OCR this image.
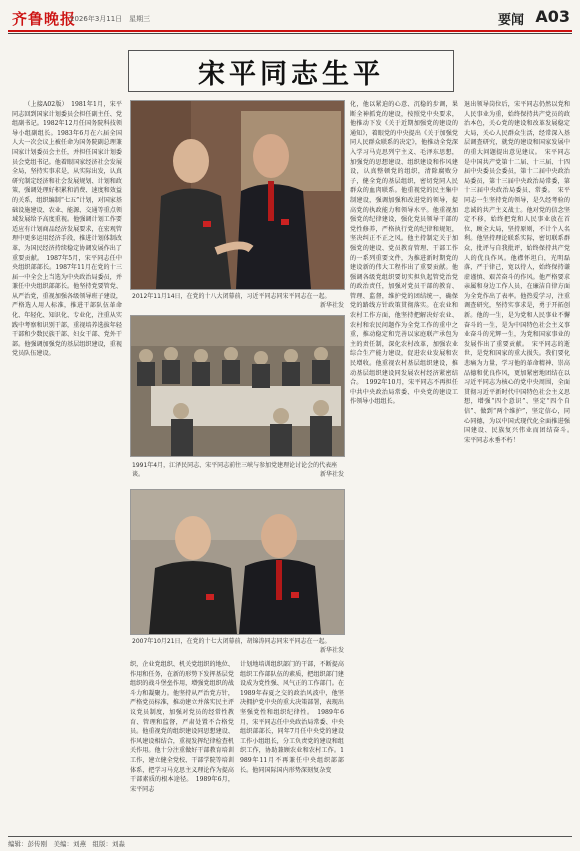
齐鲁晚报
2026年3月11日　星期三	要闻 A03
宋平同志生平

（上接A02版）　1981年1月，宋平同志回到国家计划委员会担任副主任、党组副书记。1982年12月任国务院科技领导小组副组长。1983年6月在六届全国人大一次会议上被任命为国务院副总理兼国家计划委员会主任，并担任国家计划委员会党组书记。他着眼国家经济社会发展全局，坚持实事求是，从实际出发，认真研究制定经济和社会发展规划、计划和政策，强调处理好积累和消费、速度和效益的关系，组织编制“七五”计划，对国家基础设施建设、农业、能源、交通等重点领域发展给予高度重视。他强调计划工作要适应有计划商品经济发展要求，在宏观管理中更多运用经济手段，推进计划体制改革，为国民经济持续稳定协调发展作出了重要贡献。　1987年5月，宋平同志任中央组织部部长。1987年11月在党的十三届一中全会上当选为中央政治局委员，并兼任中央组织部部长。他坚持党要管党、从严治党，重视加强各级领导班子建设，严格选人用人标准，推进干部队伍革命化、年轻化、知识化、专业化，注重从实践中考察和识别干部，重视培养选拔年轻干部和少数民族干部、妇女干部、党外干部。他强调加强党的基层组织建设，重视党员队伍建设。

2012年11月14日，在党的十八大闭幕前，习近平同志同宋平同志在一起。
新华社发
1991年4月，江泽民同志、宋平同志前往三峡与参加党建理论讨论会的代表座谈。	新华社发
2007年10月21日，在党的十七大闭幕前，胡锦涛同志同宋平同志在一起。
新华社发

织，企业党组织、机关党组织的地位、作用和任务，在新的形势下发挥基层党组织的战斗堡垒作用，增强党组织的战斗力和凝聚力。他坚持从严治党方针，严格党员标准，推动建立并落实民主评议党员制度，加强对党员的经常性教育、管理和监督，严肃处置不合格党员。他重视党的组织建设同思想建设、作风建设相结合，重视发挥纪律检查机关作用。他十分注重做好干部教育培训工作，建立健全党校、干部学院等培训体系，把学习马克思主义理论作为提高干部素质的根本途径。　1989年6月，宋平同志

计划地培训组织部门的干部，不断提高组织工作部队伍的素质，把组织部门建设成为党性强、风气正的工作部门。在1989年春夏之交的政治风波中，他坚决拥护党中央的重大决策部署，表现出坚强党性和组织纪律性。　1989年6月，宋平同志任中央政治局常委、中央组织部部长，同年7月任中央党的建设工作小组组长，分工负责党的建设和组织工作，协助兼顾农业和农村工作。1989年11月不再兼任中央组织部部长。他同国际国内形势深刻复杂变

化，他以紧迫的心意、沉稳的步调，果断全神抓党的建设，按照党中央要求，他推动下发《关于近期加强党的建设的通知》，着眼党的中央提出《关于加强党同人民群众联系的决定》，他推动全党深入学习马克思列宁主义、毛泽东思想，加强党的思想建设、组织建设和作风建设，认真整顿党的组织，清除腐败分子，健全党的基层组织，密切党同人民群众的血肉联系。他重视党的民主集中制建设，强调加强和改进党的领导，提高党的执政能力和领导水平。他重视加强党的纪律建设，强化党员领导干部的党性修养，严格执行党的纪律和规矩，坚决纠正不正之风。他主持制定关于加强党的建设、党员教育管理、干部工作的一系列重要文件，为推进新时期党的建设新的伟大工程作出了重要贡献。他强调各级党组织要切实担负起管党治党的政治责任，加强对党员干部的教育、管理、监督，维护党的团结统一，确保党的路线方针政策贯彻落实。在农业和农村工作方面，他坚持把解决好农业、农村和农民问题作为全党工作的重中之重，推动稳定和完善以家庭联产承包为主的责任制，深化农村改革，加强农业综合生产能力建设，促进农业发展和农民增收。他重视农村基层组织建设，推动基层组织建设同发展农村经济紧密结合。　1992年10月，宋平同志不再担任中共中央政治局常委、中央党的建设工作领导小组组长。

退出领导岗位后，宋平同志仍然以党和人民事业为重，始终保持共产党员的政治本色，关心党的建设和改革发展稳定大局，关心人民群众生活，经常深入基层调查研究，就党的建设和国家发展中的重大问题提出意见建议。　宋平同志是中国共产党第十二届、十三届、十四届中央委员会委员，第十二届中央政治局委员，第十三届中央政治局常委，第十三届中央政治局委员、常委。　宋平同志一生坚持党的领导，是久经考验的忠诚的共产主义战士。他对党的信念坚定不移，始终把党和人民事业放在首位，顾全大局，坚持原则，不计个人名利。他坚持理论联系实际，密切联系群众，批评与自我批评，始终保持共产党人的优良作风。他襟怀坦白，光明磊落，严于律己，宽以待人，始终保持谦虚谨慎、艰苦奋斗的作风。他严格要求亲属和身边工作人员，在廉洁自律方面为全党作出了表率。他热爱学习，注重调查研究，坚持实事求是，勇于开拓创新。他的一生，是为党和人民事业不懈奋斗的一生，是为中国特色社会主义事业奋斗的光辉一生，为党和国家事业的发展作出了重要贡献。　宋平同志的逝世，是党和国家的重大损失。我们要化悲痛为力量，学习他的革命精神、崇高品德和优良作风，更加紧密地团结在以习近平同志为核心的党中央周围，全面贯彻习近平新时代中国特色社会主义思想，增强“四个意识”、坚定“四个自信”、做到“两个维护”，坚定信心，同心同德，为以中国式现代化全面推进强国建设、民族复兴伟业而团结奋斗。　宋平同志永垂不朽！

编辑：彭传刚　美编：刘燕　组版：刘淼
